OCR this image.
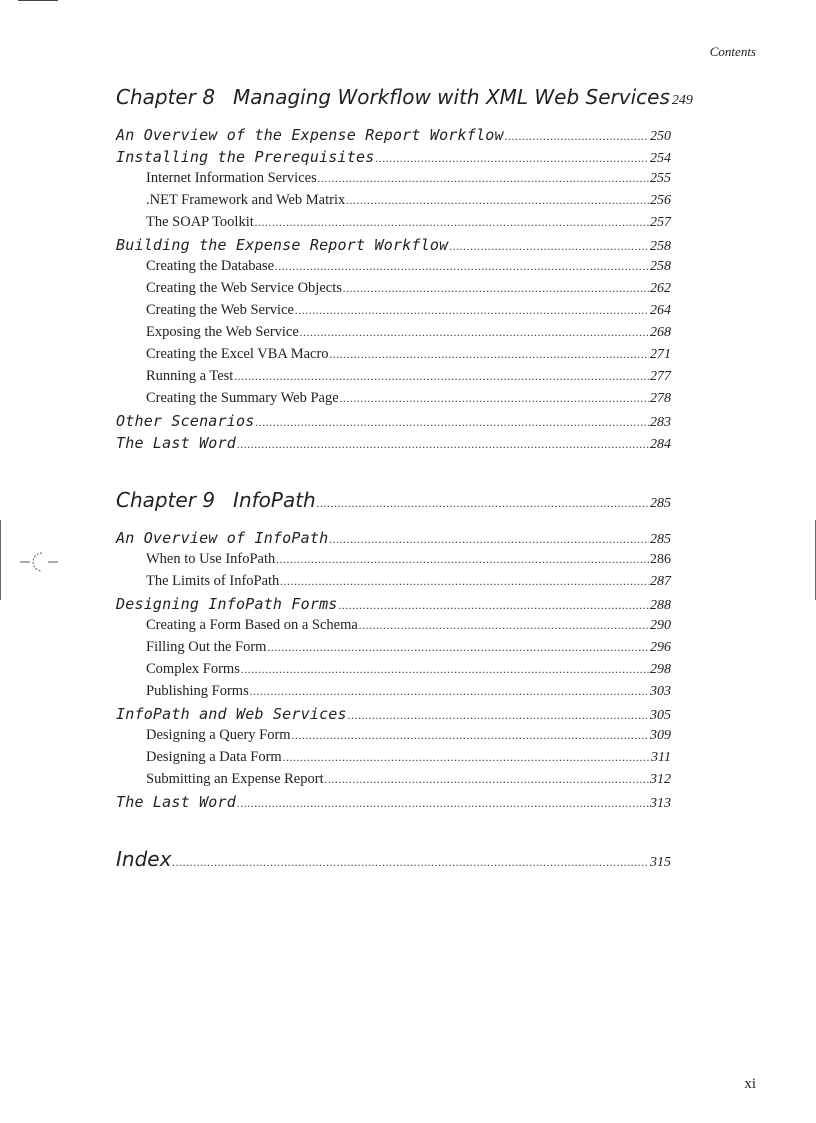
Contents
Chapter 8 Managing Workflow with XML Web Services 249
An Overview of the Expense Report Workflow .....	250
Installing the Prerequisites .....	254
Internet Information Services .....	255
.NET Framework and Web Matrix .....	256
The SOAP Toolkit .....	257
Building the Expense Report Workflow .....	258
Creating the Database .....	258
Creating the Web Service Objects .....	262
Creating the Web Service .....	264
Exposing the Web Service .....	268
Creating the Excel VBA Macro .....	271
Running a Test .....	277
Creating the Summary Web Page .....	278
Other Scenarios .....	283
The Last Word .....	284
Chapter 9 InfoPath .....	285
An Overview of InfoPath .....	285
When to Use InfoPath .....	286
The Limits of InfoPath .....	287
Designing InfoPath Forms .....	288
Creating a Form Based on a Schema .....	290
Filling Out the Form .....	296
Complex Forms .....	298
Publishing Forms .....	303
InfoPath and Web Services .....	305
Designing a Query Form .....	309
Designing a Data Form .....	311
Submitting an Expense Report .....	312
The Last Word .....	313
Index .....	315
xi
